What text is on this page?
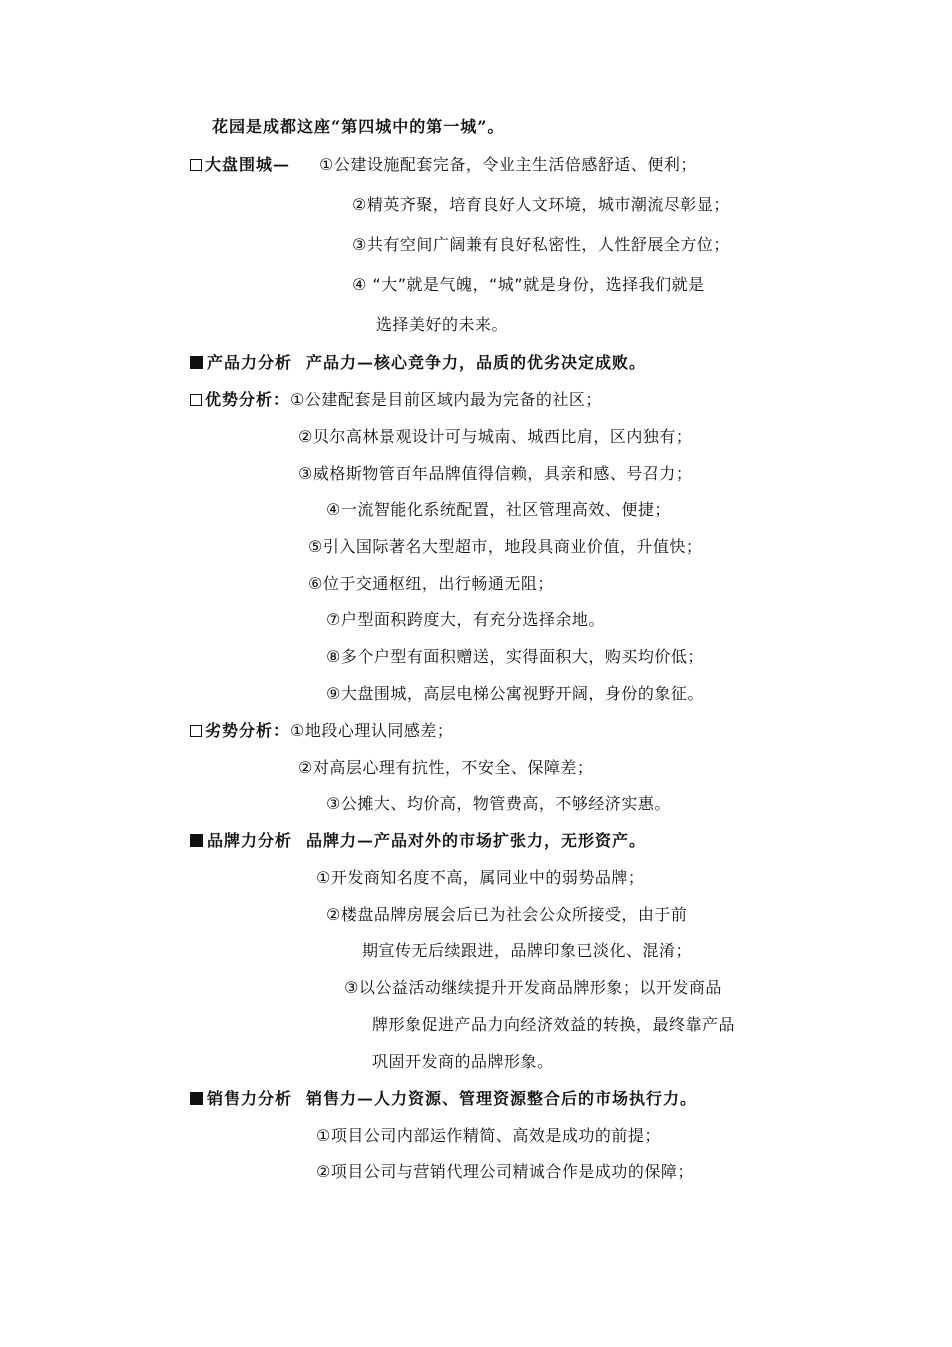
花园是成都这座“第四城中的第一城”。
大盘围城— ①公建设施配套完备，令业主生活倍感舒适、便利；
②精英齐聚，培育良好人文环境，城市潮流尽彰显；
③共有空间广阔兼有良好私密性，人性舒展全方位；
④ “大”就是气魄，“城”就是身份，选择我们就是
选择美好的未来。
产品力分析 产品力—核心竞争力，品质的优劣决定成败。
优势分析：①公建配套是目前区域内最为完备的社区；
②贝尔高林景观设计可与城南、城西比肩，区内独有；
③威格斯物管百年品牌值得信赖，具亲和感、号召力；
④一流智能化系统配置，社区管理高效、便捷；
⑤引入国际著名大型超市，地段具商业价值，升值快；
⑥位于交通枢纽，出行畅通无阻；
⑦户型面积跨度大，有充分选择余地。
⑧多个户型有面积赠送，实得面积大，购买均价低；
⑨大盘围城，高层电梯公寓视野开阔，身份的象征。
劣势分析：①地段心理认同感差；
②对高层心理有抗性，不安全、保障差；
③公摊大、均价高，物管费高，不够经济实惠。
品牌力分析 品牌力—产品对外的市场扩张力，无形资产。
①开发商知名度不高，属同业中的弱势品牌；
②楼盘品牌房展会后已为社会公众所接受，由于前
期宣传无后续跟进，品牌印象已淡化、混淆；
③以公益活动继续提升开发商品牌形象；以开发商品
牌形象促进产品力向经济效益的转换，最终靠产品
巩固开发商的品牌形象。
销售力分析 销售力—人力资源、管理资源整合后的市场执行力。
①项目公司内部运作精简、高效是成功的前提；
②项目公司与营销代理公司精诚合作是成功的保障；
